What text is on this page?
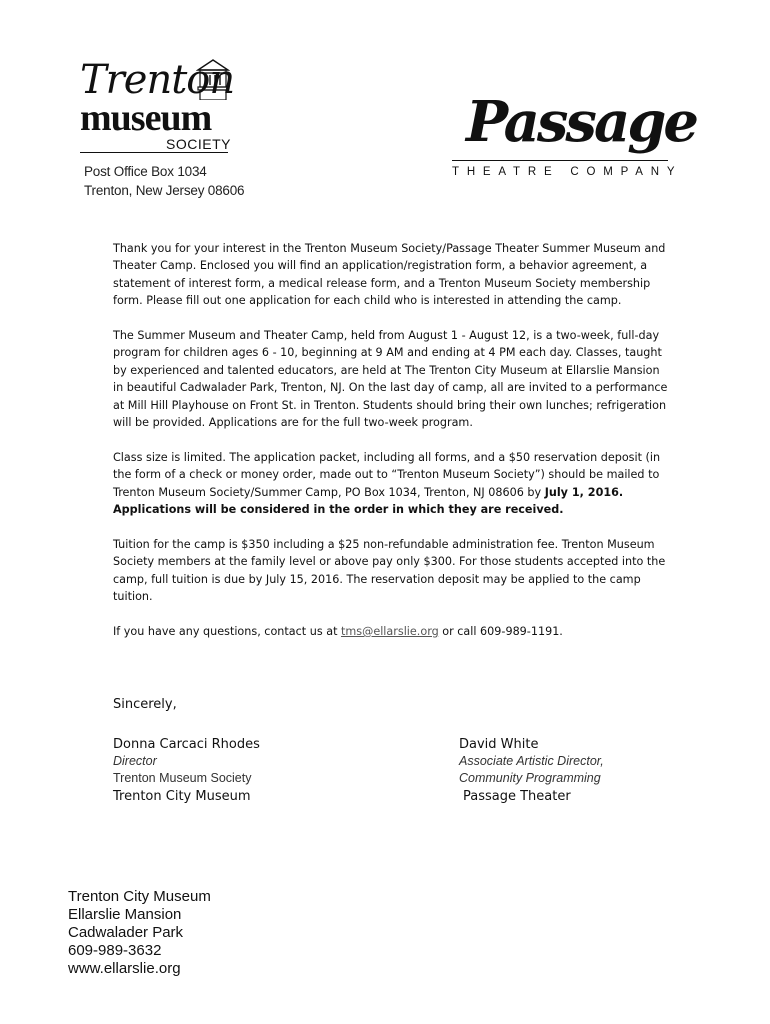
Trenton
museum
SOCIETY
Post Office Box 1034
Trenton, New Jersey 08606
Passage
THEATRE COMPANY

Thank you for your interest in the Trenton Museum Society/Passage Theater Summer Museum and Theater Camp. Enclosed you will find an application/registration form, a behavior agreement, a statement of interest form, a medical release form, and a Trenton Museum Society membership form. Please fill out one application for each child who is interested in attending the camp.

The Summer Museum and Theater Camp, held from August 1 - August 12, is a two-week, full-day program for children ages 6 - 10, beginning at 9 AM and ending at 4 PM each day. Classes, taught by experienced and talented educators, are held at The Trenton City Museum at Ellarslie Mansion in beautiful Cadwalader Park, Trenton, NJ. On the last day of camp, all are invited to a performance at Mill Hill Playhouse on Front St. in Trenton. Students should bring their own lunches; refrigeration will be provided. Applications are for the full two-week program.

Class size is limited. The application packet, including all forms, and a $50 reservation deposit (in the form of a check or money order, made out to “Trenton Museum Society”) should be mailed to Trenton Museum Society/Summer Camp, PO Box 1034, Trenton, NJ 08606 by July 1, 2016.
Applications will be considered in the order in which they are received.

Tuition for the camp is $350 including a $25 non-refundable administration fee. Trenton Museum Society members at the family level or above pay only $300. For those students accepted into the camp, full tuition is due by July 15, 2016. The reservation deposit may be applied to the camp tuition.

If you have any questions, contact us at tms@ellarslie.org or call 609-989-1191.

Sincerely,
Donna Carcaci Rhodes
Director
Trenton Museum Society
Trenton City Museum
David White
Associate Artistic Director,
Community Programming
Passage Theater
Trenton City Museum
Ellarslie Mansion
Cadwalader Park
609-989-3632
www.ellarslie.org
